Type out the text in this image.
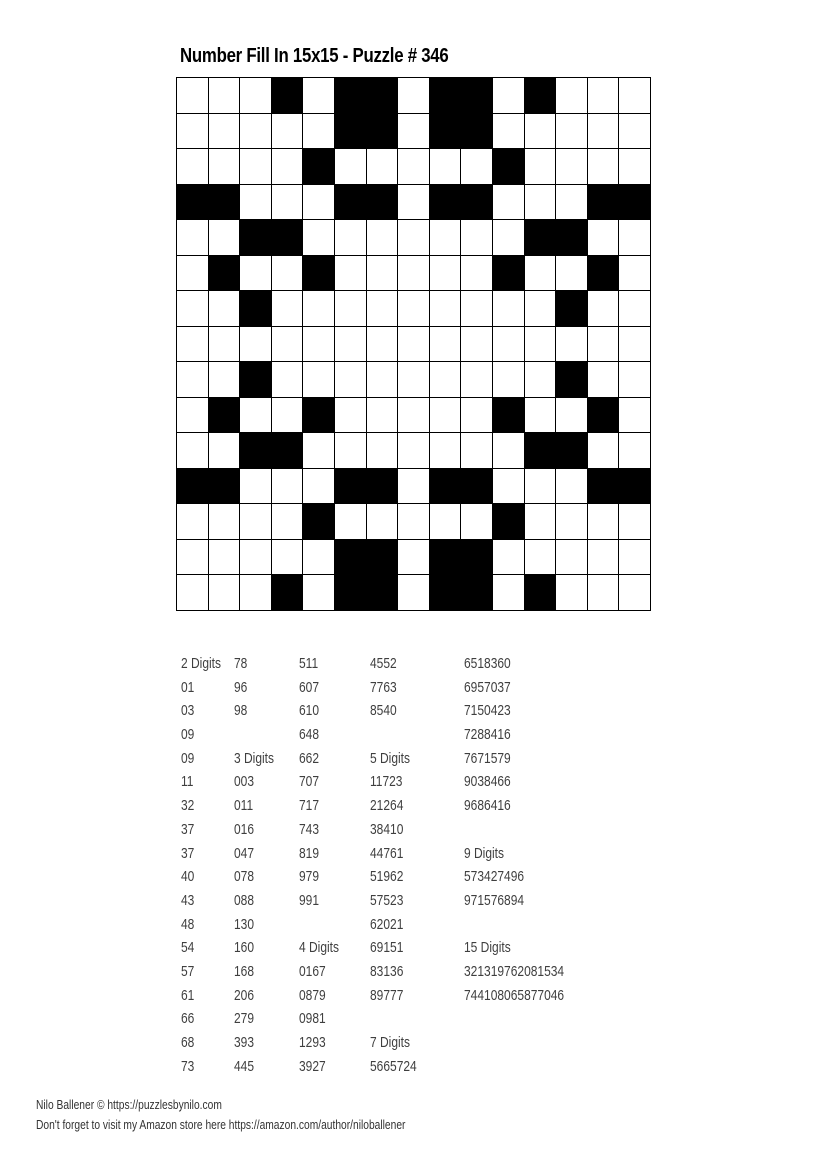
Number Fill In 15x15 - Puzzle # 346
2 Digits
01
03
09
09
11
32
37
37
40
43
48
54
57
61
66
68
73
78
96
98
3 Digits
003
011
016
047
078
088
130
160
168
206
279
393
445
511
607
610
648
662
707
717
743
819
979
991
4 Digits
0167
0879
0981
1293
3927
4552
7763
8540
5 Digits
11723
21264
38410
44761
51962
57523
62021
69151
83136
89777
7 Digits
5665724
6518360
6957037
7150423
7288416
7671579
9038466
9686416
9 Digits
573427496
971576894
15 Digits
321319762081534
744108065877046
Nilo Ballener © https://puzzlesbynilo.com
Don't forget to visit my Amazon store here https://amazon.com/author/niloballener
